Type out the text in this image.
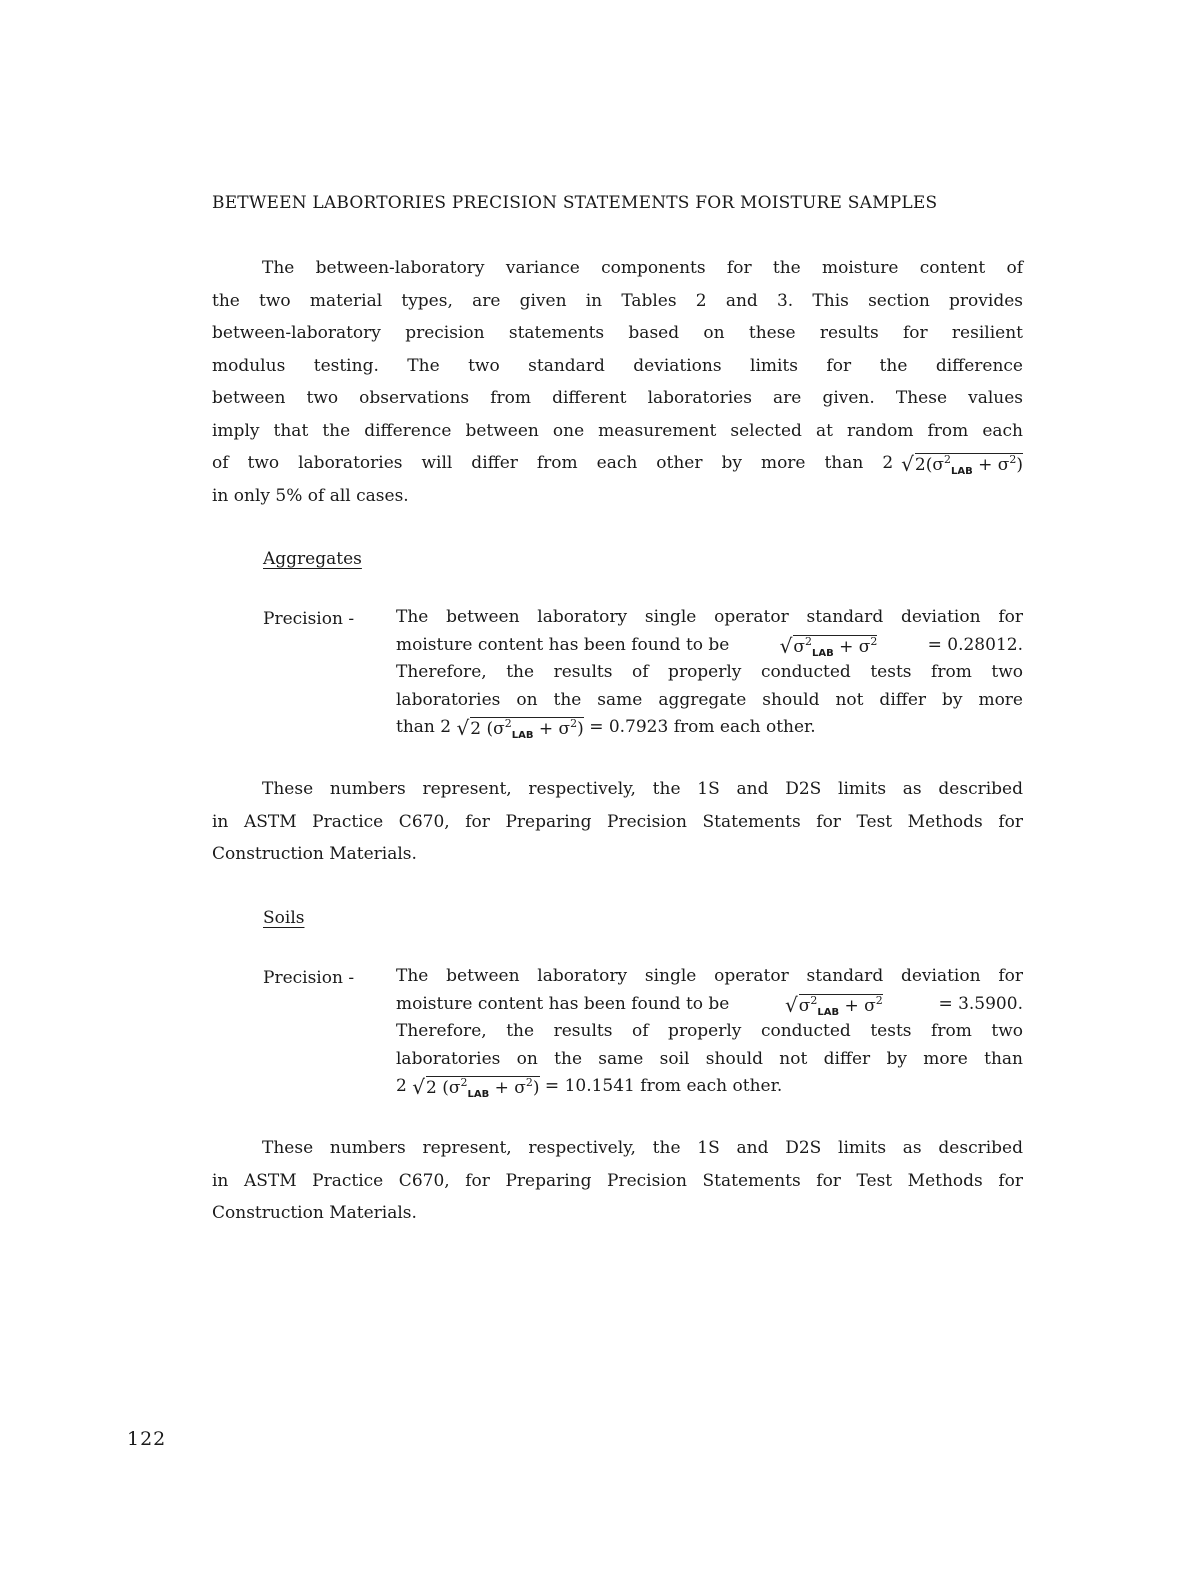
BETWEEN LABORTORIES PRECISION STATEMENTS FOR MOISTURE SAMPLES
The between-laboratory variance components for the moisture content of
the two material types, are given in Tables 2 and 3. This section provides
between-laboratory precision statements based on these results for resilient
modulus testing. The two standard deviations limits for the difference
between two observations from different laboratories are given. These values
imply that the difference between one measurement selected at random from each
of two laboratories will differ from each other by more than 2 √ $2(\sigma^2_{LAB} + \sigma^2)$
in only 5% of all cases.
Aggregates
Precision - The between laboratory single operator standard deviation for
moisture content has been found to be	√ $\sigma^2_{LAB} + \sigma^2$	= 0.28012.
Therefore, the results of properly conducted tests from two
laboratories on the same aggregate should not differ by more
than 2
√ 2 $(\sigma^2_{LAB} + \sigma^2)$
= 0.7923 from each other.
These numbers represent, respectively, the 1S and D2S limits as described
in ASTM Practice C670, for Preparing Precision Statements for Test Methods for
Construction Materials.
Soils
Precision - The between laboratory single operator standard deviation for
moisture content has been found to be	√ $\sigma^2_{LAB} + \sigma^2$	= 3.5900.
Therefore, the results of properly conducted tests from two
laboratories on the same soil should not differ by more than
2
√ 2 $(\sigma^2_{LAB} + \sigma^2)$
= 10.1541 from each other.
These numbers represent, respectively, the 1S and D2S limits as described
in ASTM Practice C670, for Preparing Precision Statements for Test Methods for
Construction Materials.
122
